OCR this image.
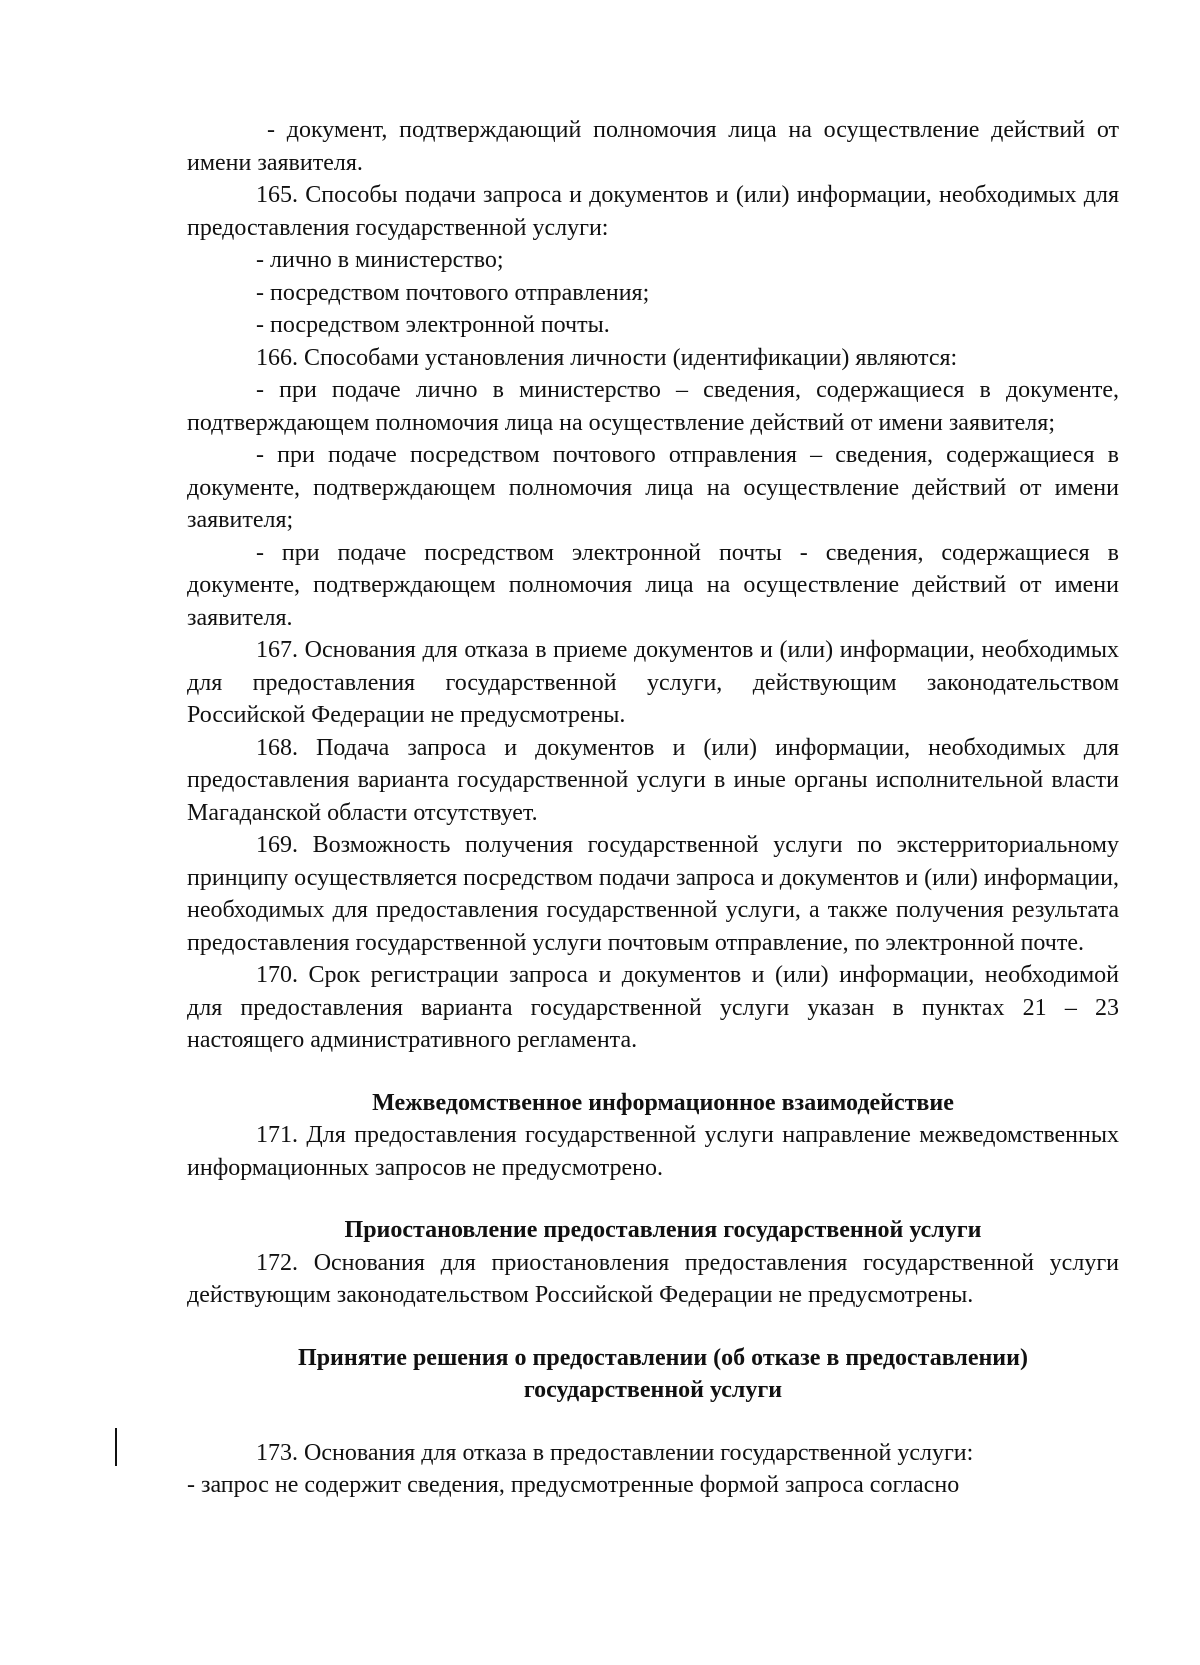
- документ, подтверждающий полномочия лица на осуществление действий от имени заявителя.

165. Способы подачи запроса и документов и (или) информации, необходимых для предоставления государственной услуги:

- лично в министерство;

- посредством почтового отправления;

- посредством электронной почты.

166. Способами установления личности (идентификации) являются:

- при подаче лично в министерство – сведения, содержащиеся в документе, подтверждающем полномочия лица на осуществление действий от имени заявителя;

- при подаче посредством почтового отправления – сведения, содержащиеся в документе, подтверждающем полномочия лица на осуществление действий от имени заявителя;

- при подаче посредством электронной почты - сведения, содержащиеся в документе, подтверждающем полномочия лица на осуществление действий от имени заявителя.

167. Основания для отказа в приеме документов и (или) информации, необходимых для предоставления государственной услуги, действующим законодательством Российской Федерации не предусмотрены.

168. Подача запроса и документов и (или) информации, необходимых для предоставления варианта государственной услуги в иные органы исполнительной власти Магаданской области отсутствует.

169. Возможность получения государственной услуги по экстерриториальному принципу осуществляется посредством подачи запроса и документов и (или) информации, необходимых для предоставления государственной услуги, а также получения результата предоставления государственной услуги почтовым отправление, по электронной почте.

170. Срок регистрации запроса и документов и (или) информации, необходимой для предоставления варианта государственной услуги указан в пунктах 21 – 23 настоящего административного регламента.

Межведомственное информационное взаимодействие

171. Для предоставления государственной услуги направление межведомственных информационных запросов не предусмотрено.

Приостановление предоставления государственной услуги

172. Основания для приостановления предоставления государственной услуги действующим законодательством Российской Федерации не предусмотрены.

Принятие решения о предоставлении (об отказе в предоставлении)

государственной услуги

173. Основания для отказа в предоставлении государственной услуги:

- запрос не содержит сведения, предусмотренные формой запроса согласно
